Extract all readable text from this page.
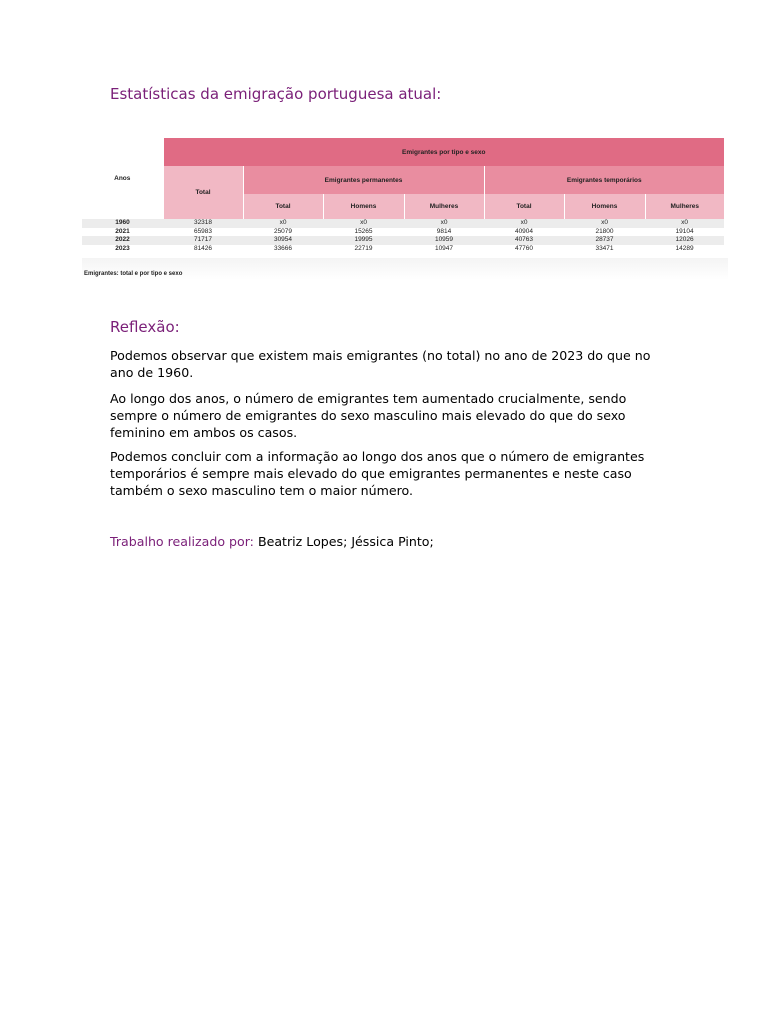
Estatísticas da emigração portuguesa atual:
Anos	Emigrantes por tipo e sexo						
	Total	Emigrantes permanentes			Emigrantes temporários		
		Total	Homens	Mulheres	Total	Homens	Mulheres
1960	32318	x0	x0	x0	x0	x0	x0
2021	65983	25079	15265	9814	40904	21800	19104
2022	71717	30954	19995	10959	40763	28737	12026
2023	81426	33666	22719	10947	47760	33471	14289

Emigrantes: total e por tipo e sexo

Reflexão:

Podemos observar que existem mais emigrantes (no total) no ano de 2023 do que no ano de 1960.

Ao longo dos anos, o número de emigrantes tem aumentado crucialmente, sendo sempre o número de emigrantes do sexo masculino mais elevado do que do sexo feminino em ambos os casos.

Podemos concluir com a informação ao longo dos anos que o número de emigrantes temporários é sempre mais elevado do que emigrantes permanentes e neste caso também o sexo masculino tem o maior número.

Trabalho realizado por: Beatriz Lopes; Jéssica Pinto;
